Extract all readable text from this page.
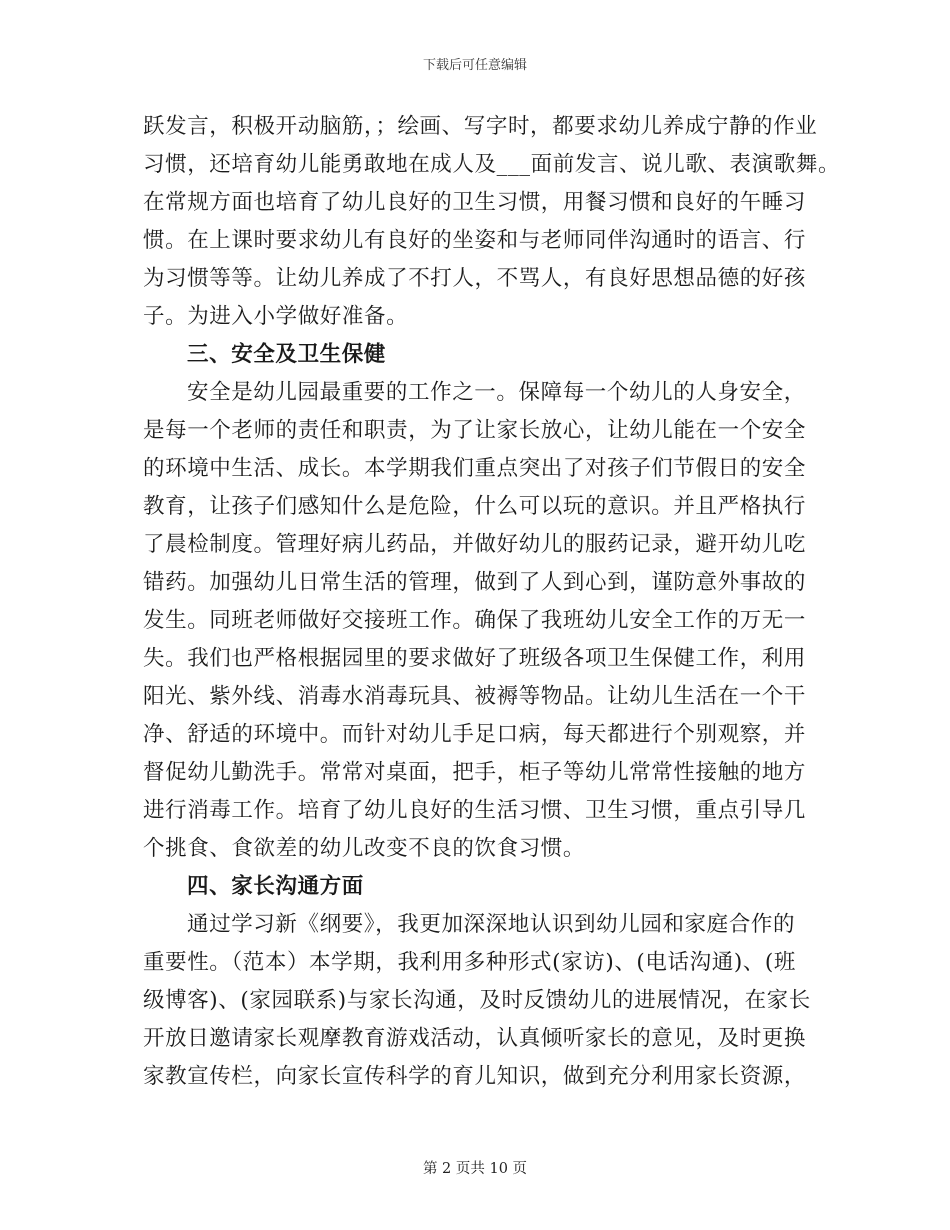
下载后可任意编辑
跃发言，积极开动脑筋，；绘画、写字时，都要求幼儿养成宁静的作业
习惯，还培育幼儿能勇敢地在成人及___面前发言、说儿歌、表演歌舞。
在常规方面也培育了幼儿良好的卫生习惯，用餐习惯和良好的午睡习
惯。在上课时要求幼儿有良好的坐姿和与老师同伴沟通时的语言、行
为习惯等等。让幼儿养成了不打人，不骂人，有良好思想品德的好孩
子。为进入小学做好准备。
三、安全及卫生保健
安全是幼儿园最重要的工作之一。保障每一个幼儿的人身安全，
是每一个老师的责任和职责，为了让家长放心，让幼儿能在一个安全
的环境中生活、成长。本学期我们重点突出了对孩子们节假日的安全
教育，让孩子们感知什么是危险，什么可以玩的意识。并且严格执行
了晨检制度。管理好病儿药品，并做好幼儿的服药记录，避开幼儿吃
错药。加强幼儿日常生活的管理，做到了人到心到，谨防意外事故的
发生。同班老师做好交接班工作。确保了我班幼儿安全工作的万无一
失。我们也严格根据园里的要求做好了班级各项卫生保健工作，利用
阳光、紫外线、消毒水消毒玩具、被褥等物品。让幼儿生活在一个干
净、舒适的环境中。而针对幼儿手足口病，每天都进行个别观察，并
督促幼儿勤洗手。常常对桌面，把手，柜子等幼儿常常性接触的地方
进行消毒工作。培育了幼儿良好的生活习惯、卫生习惯，重点引导几
个挑食、食欲差的幼儿改变不良的饮食习惯。
四、家长沟通方面
通过学习新《纲要》，我更加深深地认识到幼儿园和家庭合作的
重要性。（范本）本学期，我利用多种形式(家访)、(电话沟通)、(班
级博客)、(家园联系)与家长沟通，及时反馈幼儿的进展情况，在家长
开放日邀请家长观摩教育游戏活动，认真倾听家长的意见，及时更换
家教宣传栏，向家长宣传科学的育儿知识，做到充分利用家长资源，
第 2 页共 10 页
